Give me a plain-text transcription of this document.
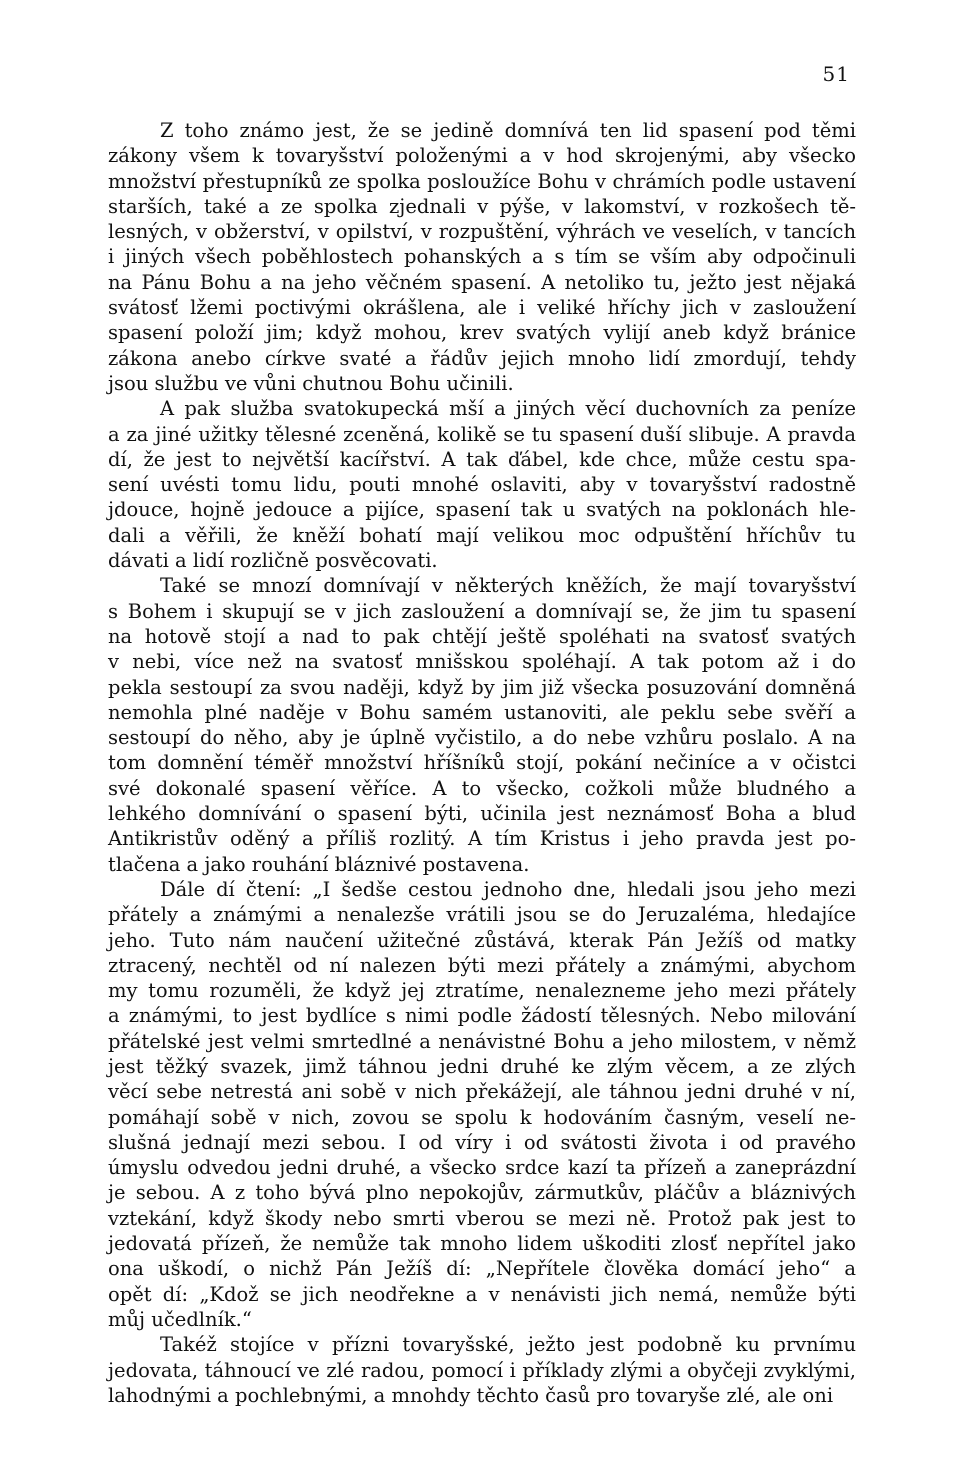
51
Z toho známo jest, že se jedině domnívá ten lid spasení pod těmi
zákony všem k tovaryšství položenými a v hod skrojenými, aby všecko
množství přestupníků ze spolka posloužíce Bohu v chrámích podle ustavení
starších, také a ze spolka zjednali v pýše, v lakomství, v rozkošech tě-
lesných, v obžerství, v opilství, v rozpuštění, výhrách ve veselích, v tancích
i jiných všech poběhlostech pohanských a s tím se vším aby odpočinuli
na Pánu Bohu a na jeho věčném spasení. A netoliko tu, ježto jest nějaká
svátosť lžemi poctivými okrášlena, ale i veliké hříchy jich v zasloužení
spasení položí jim; když mohou, krev svatých vylijí aneb když bránice
zákona anebo církve svaté a řádův jejich mnoho lidí zmordují, tehdy
jsou službu ve vůni chutnou Bohu učinili.
A pak služba svatokupecká mší a jiných věcí duchovních za peníze
a za jiné užitky tělesné zceněná, kolikě se tu spasení duší slibuje. A pravda
dí, že jest to největší kacířství. A tak ďábel, kde chce, může cestu spa-
sení uvésti tomu lidu, pouti mnohé oslaviti, aby v tovaryšství radostně
jdouce, hojně jedouce a pijíce, spasení tak u svatých na poklonách hle-
dali a věřili, že kněží bohatí mají velikou moc odpuštění hříchův tu
dávati a lidí rozličně posvěcovati.
Také se mnozí domnívají v některých kněžích, že mají tovaryšství
s Bohem i skupují se v jich zasloužení a domnívají se, že jim tu spasení
na hotově stojí a nad to pak chtějí ještě spoléhati na svatosť svatých
v nebi, více než na svatosť mnišskou spoléhají. A tak potom až i do
pekla sestoupí za svou naději, když by jim již všecka posuzování domněná
nemohla plné naděje v Bohu samém ustanoviti, ale peklu sebe svěří a
sestoupí do něho, aby je úplně vyčistilo, a do nebe vzhůru poslalo. A na
tom domnění téměř množství hříšníků stojí, pokání nečiníce a v očistci
své dokonalé spasení věříce. A to všecko, cožkoli může bludného a
lehkého domnívání o spasení býti, učinila jest neznámosť Boha a blud
Antikristův oděný a příliš rozlitý. A tím Kristus i jeho pravda jest po-
tlačena a jako rouhání bláznivé postavena.
Dále dí čtení: „I šedše cestou jednoho dne, hledali jsou jeho mezi
přátely a známými a nenalezše vrátili jsou se do Jeruzaléma, hledajíce
jeho. Tuto nám naučení užitečné zůstává, kterak Pán Ježíš od matky
ztracený, nechtěl od ní nalezen býti mezi přátely a známými, abychom
my tomu rozuměli, že když jej ztratíme, nenalezneme jeho mezi přátely
a známými, to jest bydlíce s nimi podle žádostí tělesných. Nebo milování
přátelské jest velmi smrtedlné a nenávistné Bohu a jeho milostem, v němž
jest těžký svazek, jimž táhnou jedni druhé ke zlým věcem, a ze zlých
věcí sebe netrestá ani sobě v nich překážejí, ale táhnou jedni druhé v ní,
pomáhají sobě v nich, zovou se spolu k hodováním časným, veselí ne-
slušná jednají mezi sebou. I od víry i od svátosti života i od pravého
úmyslu odvedou jedni druhé, a všecko srdce kazí ta přízeň a zaneprázdní
je sebou. A z toho bývá plno nepokojův, zármutkův, pláčův a bláznivých
vztekání, když škody nebo smrti vberou se mezi ně. Protož pak jest to
jedovatá přízeň, že nemůže tak mnoho lidem uškoditi zlosť nepřítel jako
ona uškodí, o nichž Pán Ježíš dí: „Nepřítele člověka domácí jeho“ a
opět dí: „Kdož se jich neodřekne a v nenávisti jich nemá, nemůže býti
můj učedlník.“
Takéž stojíce v přízni tovaryšské, ježto jest podobně ku prvnímu
jedovata, táhnoucí ve zlé radou, pomocí i příklady zlými a obyčeji zvyklými,
lahodnými a pochlebnými, a mnohdy těchto časů pro tovaryše zlé, ale oni
